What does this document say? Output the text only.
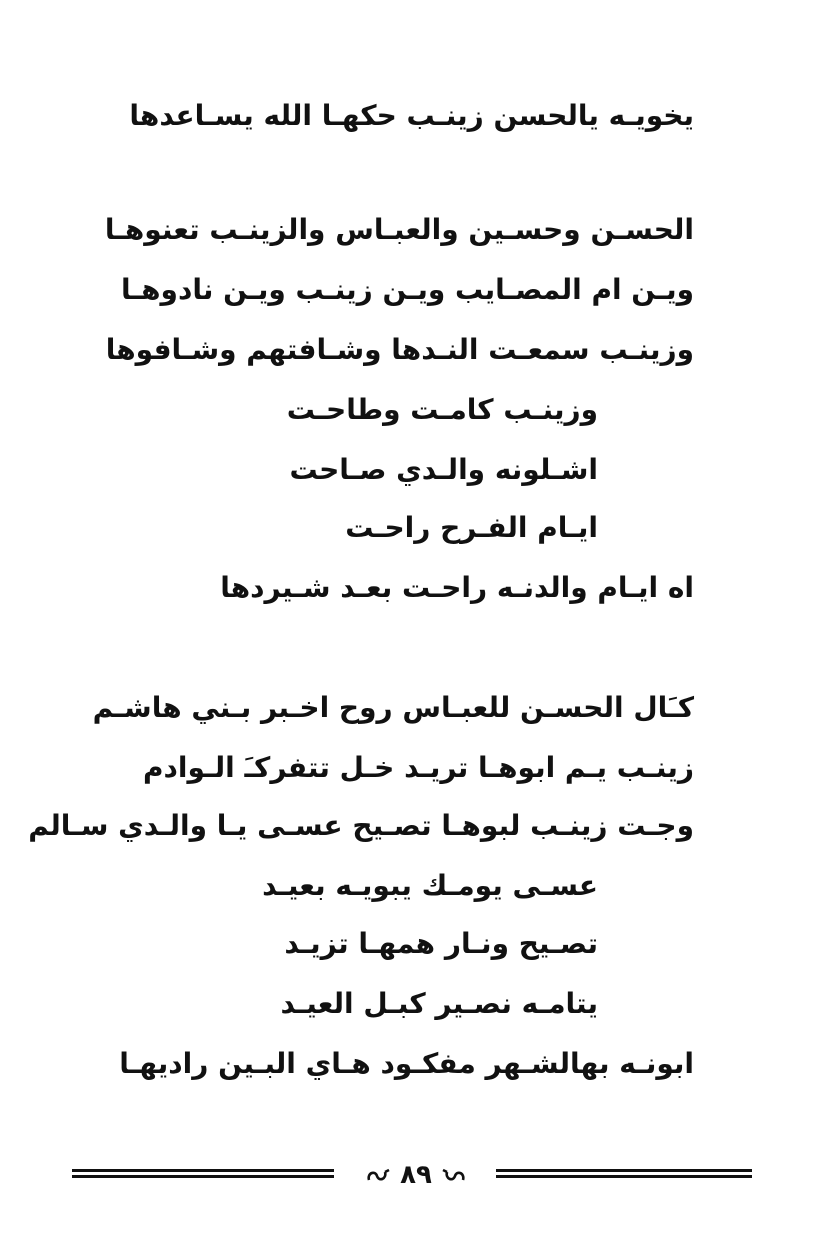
يخويـه يالحسن زينـب حكهـا الله يسـاعدها
الحسـن وحسـين والعبـاس والزينـب تعنوهـا
ويـن ام المصـايب ويـن زينـب ويـن نادوهـا
وزينـب سمعـت النـدها وشـافتهم وشـافوها
وزينـب كامـت وطاحـت
اشـلونه والـدي صـاحت
ايـام الفـرح راحـت
اه ايـام والدنـه راحـت بعـد شـيردها
كـَال الحسـن للعبـاس روح اخـبر بـني هاشـم
زينـب يـم ابوهـا تريـد خـل تتفركـَ الـوادم
وجـت زينـب لبوهـا تصـيح عسـى يـا والـدي سـالم
عسـى يومـك يبويـه بعيـد
تصـيح ونـار همهـا تزيـد
يتامـه نصـير كبـل العيـد
ابونـه بهالشـهر مفكـود هـاي البـين راديهـا
٨٩
